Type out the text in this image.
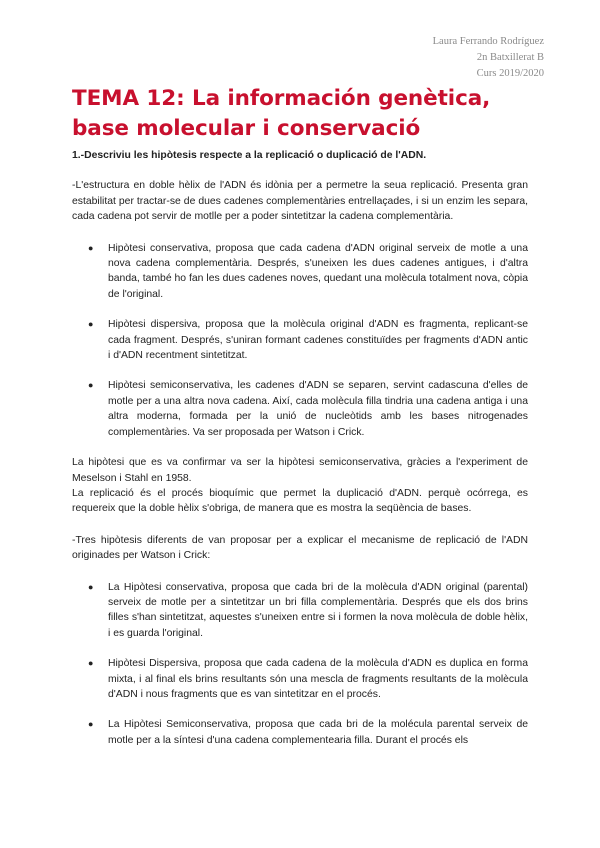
Laura Ferrando Rodríguez
2n Batxillerat B
Curs 2019/2020
TEMA 12: La información genètica, base molecular i conservació

1.-Descriviu les hipòtesis respecte a la replicació o duplicació de l'ADN.

-L'estructura en doble hèlix de l'ADN és idònia per a permetre la seua replicació. Presenta gran estabilitat per tractar-se de dues cadenes complementàries entrellaçades, i si un enzim les separa, cada cadena pot servir de motlle per a poder sintetitzar la cadena complementària.

● Hipòtesi conservativa, proposa que cada cadena d'ADN original serveix de motle a una nova cadena complementària. Després, s'uneixen les dues cadenes antigues, i d'altra banda, també ho fan les dues cadenes noves, quedant una molècula totalment nova, còpia de l'original.
● Hipòtesi dispersiva, proposa que la molècula original d'ADN es fragmenta, replicant-se cada fragment. Després, s'uniran formant cadenes constituïdes per fragments d'ADN antic i d'ADN recentment sintetitzat.
● Hipòtesi semiconservativa, les cadenes d'ADN se separen, servint cadascuna d'elles de motle per a una altra nova cadena. Així, cada molècula filla tindria una cadena antiga i una altra moderna, formada per la unió de nucleòtids amb les bases nitrogenades complementàries. Va ser proposada per Watson i Crick.

La hipòtesi que es va confirmar va ser la hipòtesi semiconservativa, gràcies a l'experiment de Meselson i Stahl en 1958.

La replicació és el procés bioquímic que permet la duplicació d'ADN. perquè ocórrega, es requereix que la doble hèlix s'obriga, de manera que es mostra la seqüència de bases.

-Tres hipòtesis diferents de van proposar per a explicar el mecanisme de replicació de l'ADN originades per Watson i Crick:

● La Hipòtesi conservativa, proposa que cada bri de la molècula d'ADN original (parental) serveix de motle per a sintetitzar un bri filla complementària. Després que els dos brins filles s'han sintetitzat, aquestes s'uneixen entre si i formen la nova molècula de doble hèlix, i es guarda l'original.
● Hipòtesi Dispersiva, proposa que cada cadena de la molècula d'ADN es duplica en forma mixta, i al final els brins resultants són una mescla de fragments resultants de la molècula d'ADN i nous fragments que es van sintetitzar en el procés.
● La Hipòtesi Semiconservativa, proposa que cada bri de la molécula parental serveix de motle per a la síntesi d'una cadena complementearia filla. Durant el procés els
